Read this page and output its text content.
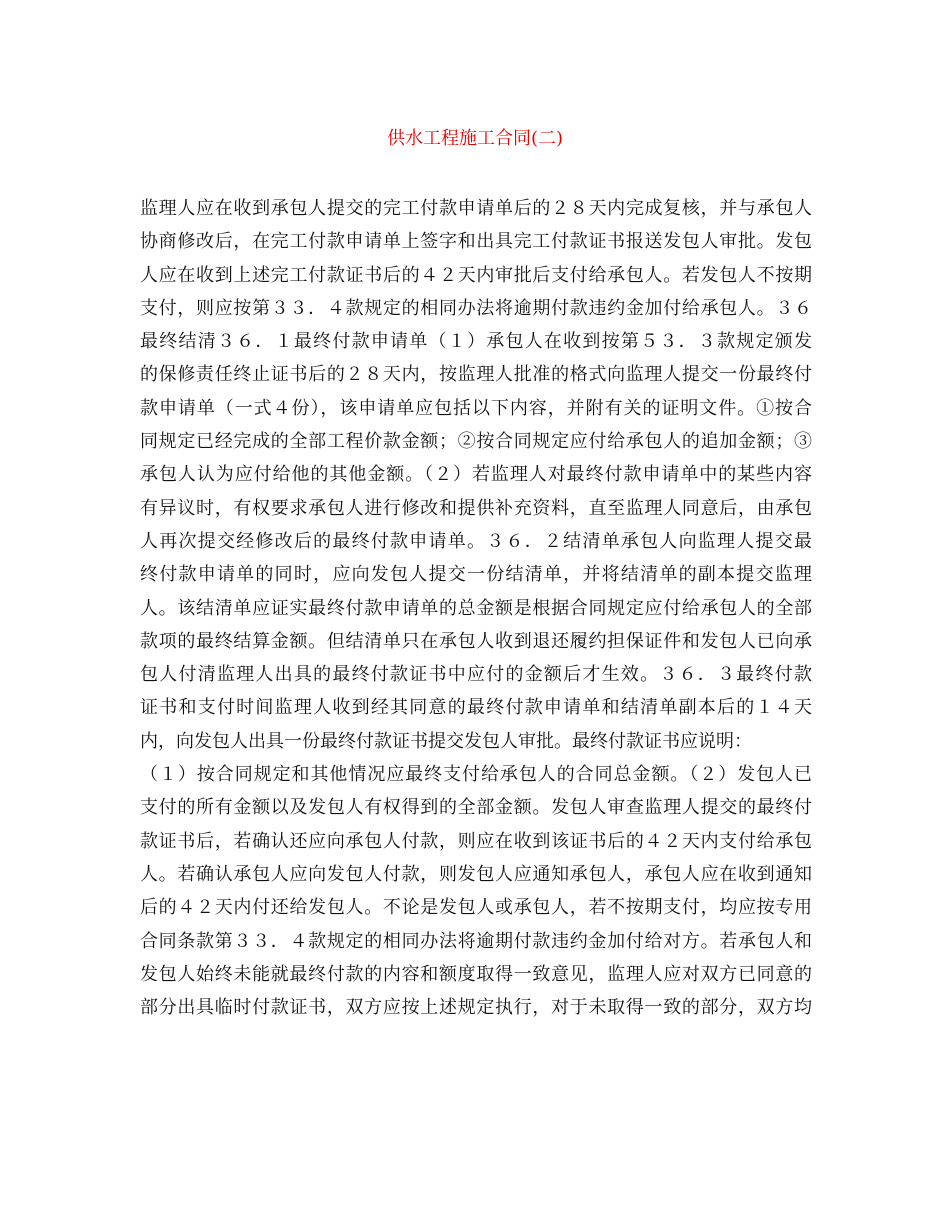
供水工程施工合同(二)
监理人应在收到承包人提交的完工付款申请单后的２８天内完成复核，并与承包人
协商修改后，在完工付款申请单上签字和出具完工付款证书报送发包人审批。发包
人应在收到上述完工付款证书后的４２天内审批后支付给承包人。若发包人不按期
支付，则应按第３３．４款规定的相同办法将逾期付款违约金加付给承包人。３６
最终结清３６．１最终付款申请单（１）承包人在收到按第５３．３款规定颁发
的保修责任终止证书后的２８天内，按监理人批准的格式向监理人提交一份最终付
款申请单（一式４份），该申请单应包括以下内容，并附有关的证明文件。①按合
同规定已经完成的全部工程价款金额；②按合同规定应付给承包人的追加金额；③
承包人认为应付给他的其他金额。（２）若监理人对最终付款申请单中的某些内容
有异议时，有权要求承包人进行修改和提供补充资料，直至监理人同意后，由承包
人再次提交经修改后的最终付款申请单。３６．２结清单承包人向监理人提交最
终付款申请单的同时，应向发包人提交一份结清单，并将结清单的副本提交监理
人。该结清单应证实最终付款申请单的总金额是根据合同规定应付给承包人的全部
款项的最终结算金额。但结清单只在承包人收到退还履约担保证件和发包人已向承
包人付清监理人出具的最终付款证书中应付的金额后才生效。３６．３最终付款
证书和支付时间监理人收到经其同意的最终付款申请单和结清单副本后的１４天
内，向发包人出具一份最终付款证书提交发包人审批。最终付款证书应说明：
（１）按合同规定和其他情况应最终支付给承包人的合同总金额。（２）发包人已
支付的所有金额以及发包人有权得到的全部金额。发包人审查监理人提交的最终付
款证书后，若确认还应向承包人付款，则应在收到该证书后的４２天内支付给承包
人。若确认承包人应向发包人付款，则发包人应通知承包人，承包人应在收到通知
后的４２天内付还给发包人。不论是发包人或承包人，若不按期支付，均应按专用
合同条款第３３．４款规定的相同办法将逾期付款违约金加付给对方。若承包人和
发包人始终未能就最终付款的内容和额度取得一致意见，监理人应对双方已同意的
部分出具临时付款证书，双方应按上述规定执行，对于未取得一致的部分，双方均
